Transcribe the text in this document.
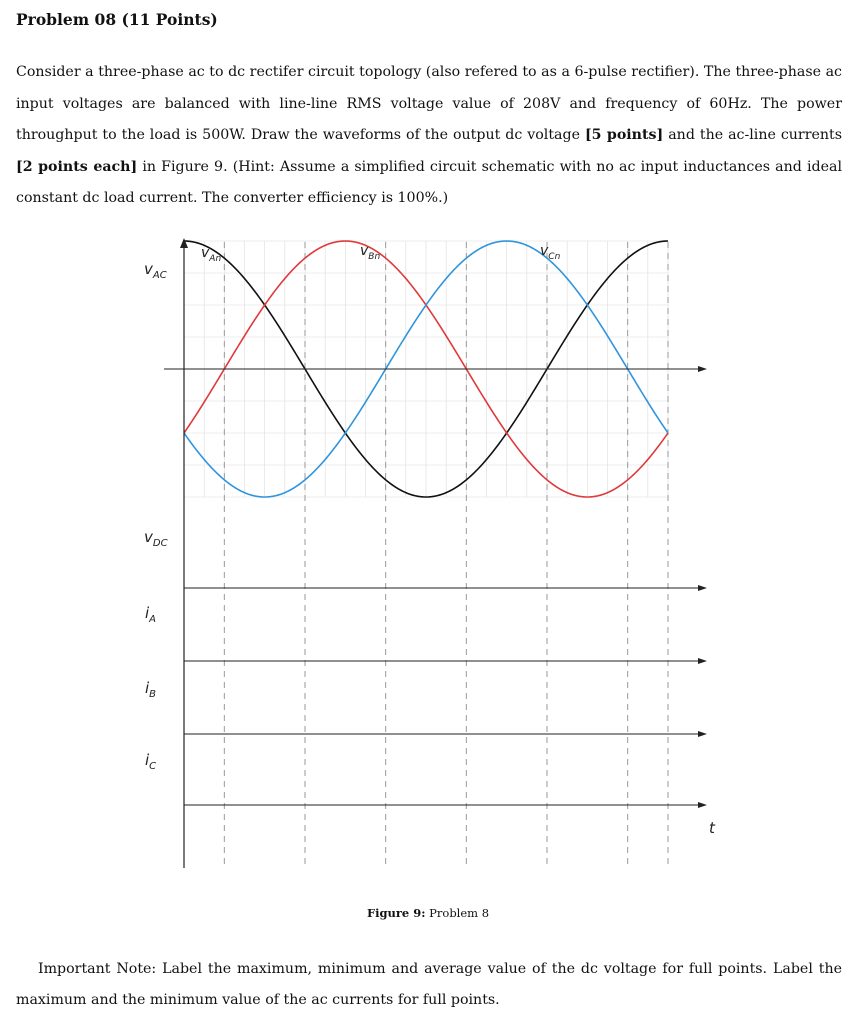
Problem 08 (11 Points)
Consider a three-phase ac to dc rectifer circuit topology (also refered to as a 6-pulse rectifier). The three-phase ac input voltages are balanced with line-line RMS voltage value of 208V and frequency of 60Hz. The power throughput to the load is 500W. Draw the waveforms of the output dc voltage [5 points] and the ac-line currents [2 points each] in Figure 9. (Hint: Assume a simplified circuit schematic with no ac input inductances and ideal constant dc load current. The converter efficiency is 100%.)
$v_{AC}$
$v_{DC}$
$i_A$
$i_B$
$i_C$
t
$v_{An}$	$v_{Bn}$	$v_{Cn}$
Figure 9: Problem 8
Important Note: Label the maximum, minimum and average value of the dc voltage for full points. Label the maximum and the minimum value of the ac currents for full points.
